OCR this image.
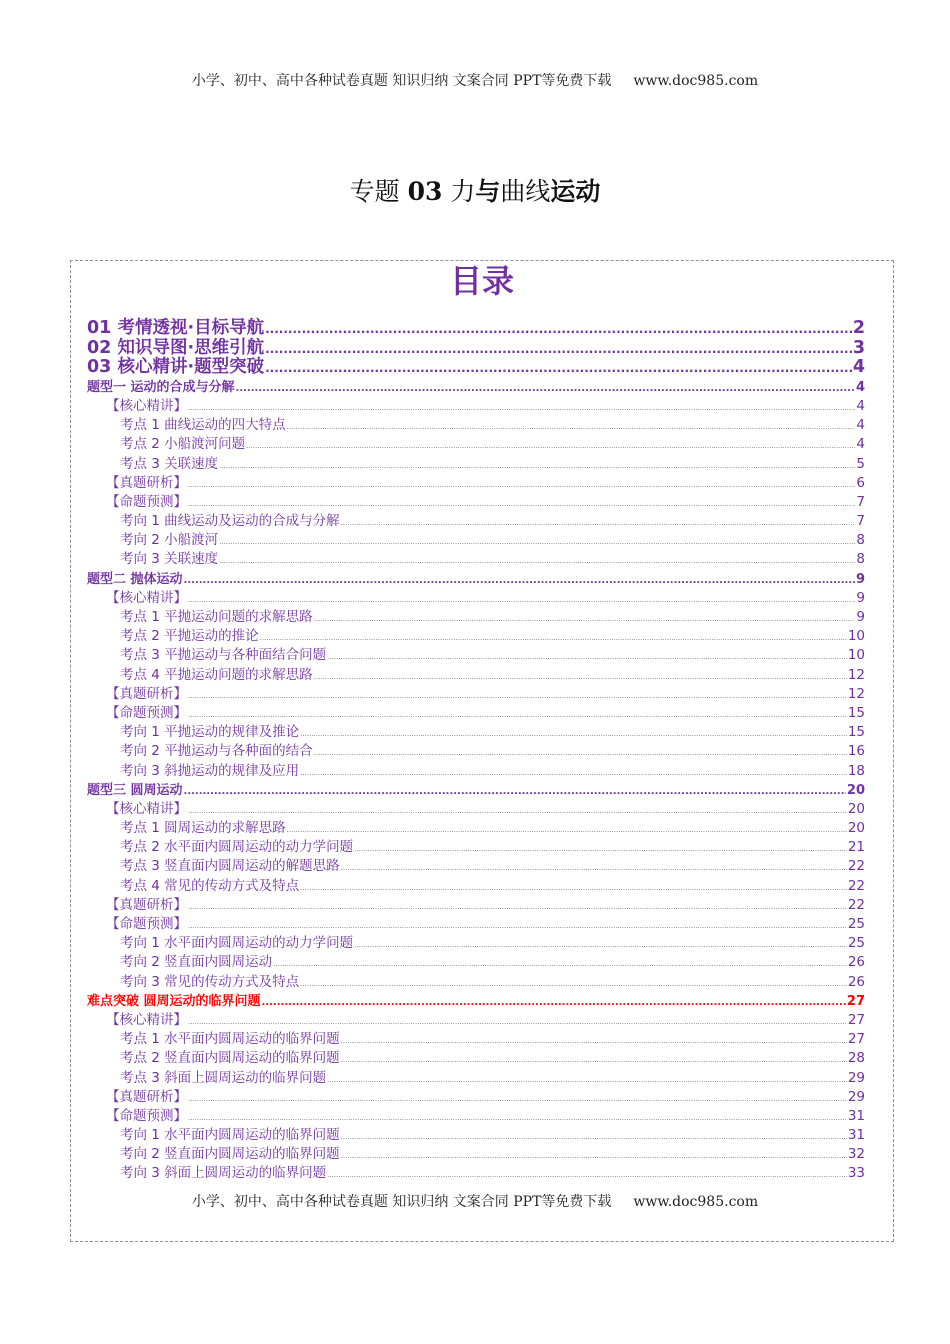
小学、初中、高中各种试卷真题 知识归纳 文案合同 PPT等免费下载 www.doc985.com
专题 03 力与曲线运动
目录
01 考情透视·目标导航 .....	2
02 知识导图·思维引航 .....	3
03 核心精讲·题型突破 .....	4
题型一 运动的合成与分解 .....	4
【核心精讲】 .....	4
考点 1 曲线运动的四大特点 .....	4
考点 2 小船渡河问题 .....	4
考点 3 关联速度 .....	5
【真题研析】 .....	6
【命题预测】 .....	7
考向 1 曲线运动及运动的合成与分解 .....	7
考向 2 小船渡河 .....	8
考向 3 关联速度 .....	8
题型二 抛体运动 .....	9
【核心精讲】 .....	9
考点 1 平抛运动问题的求解思路 .....	9
考点 2 平抛运动的推论 .....	10
考点 3 平抛运动与各种面结合问题 .....	10
考点 4 平抛运动问题的求解思路 .....	12
【真题研析】 .....	12
【命题预测】 .....	15
考向 1 平抛运动的规律及推论 .....	15
考向 2 平抛运动与各种面的结合 .....	16
考向 3 斜抛运动的规律及应用 .....	18
题型三 圆周运动 .....	20
【核心精讲】 .....	20
考点 1 圆周运动的求解思路 .....	20
考点 2 水平面内圆周运动的动力学问题 .....	21
考点 3 竖直面内圆周运动的解题思路 .....	22
考点 4 常见的传动方式及特点 .....	22
【真题研析】 .....	22
【命题预测】 .....	25
考向 1 水平面内圆周运动的动力学问题 .....	25
考向 2 竖直面内圆周运动 .....	26
考向 3 常见的传动方式及特点 .....	26
难点突破 圆周运动的临界问题 .....	27
【核心精讲】 .....	27
考点 1 水平面内圆周运动的临界问题 .....	27
考点 2 竖直面内圆周运动的临界问题 .....	28
考点 3 斜面上圆周运动的临界问题 .....	29
【真题研析】 .....	29
【命题预测】 .....	31
考向 1 水平面内圆周运动的临界问题 .....	31
考向 2 竖直面内圆周运动的临界问题 .....	32
考向 3 斜面上圆周运动的临界问题 .....	33
小学、初中、高中各种试卷真题 知识归纳 文案合同 PPT等免费下载 www.doc985.com
